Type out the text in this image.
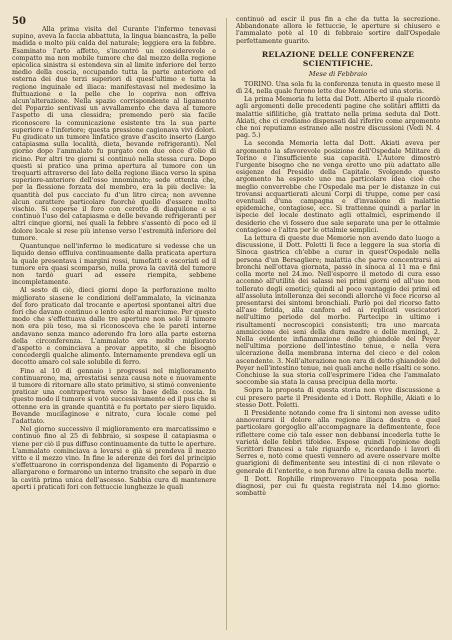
50

Alla prima visita del Curante l'infermo tenevasi supino, aveva la faccia abbattuta, la lingua biancastra, la pelle madida e molto più calda del naturale; leggiera era la febbre. Esaminato l'arto affetto, s'incontrò un considerevole e compatto ma non mobile tumore che dal mezzo della regione epicolica sinistra si estendeva sin al limite inferiore del terzo medio della coscia, occupando tutta la parte anteriore ed esterna dei due terzi superiori di quest'ultimo e tutta la regione inguinale ed iliaca: manifestavasi nel medesimo la fluttuazione e la pelle che lo copriva non offriva alcun'alterazione. Nella spazio corrispondente al ligamento del Poparzio sentivasi un avvallamento che dava al tumore l'aspetto di una clessidra; premendo però sia facile riconoscere la comunicazione esistente tra la sua parte superiore e l'inferiore; questa pressione cagionava vivi dolori. Fu giudicato un tumore linfatico grave d'ascito inserto (Largo catapiasma sulla località, dieta, bevande refrigeranti). Nel giorno dopo l'ammalato fu purgato con due once d'olio di ricino. Per altri tre giorni si continuò nella stessa cura. Dopo questi si pratico una prima apertura al tumore con un trequarti attraverso del lato della regione iliaca verso la spina superiore-anteriore dell'osso innominato; sede ottenta che, per la flessione forzata del membro, era la più declive: la quantità del pus cacciato fu d'un litro circa; non avvenne alcun carattere particolare fuorchè quello d'essere molto vischio. Si coperse il foro con cerotto di diaquilone e si continuò l'uso del catapiasma e delle bevande refrigeranti per altri cinque giorni, nei quali la febbre s'assentò di poco ed il dolore locale si rese più intenso verso l'estremità inferiore del tumore.

Quantunque nell'infermo le medicature si vedesse che un liquido denso effluiva continuamente dalla praticata apertura la quale presentava i margini rossi, tumefatti e escoriati ed il tumore era quasi scomparso, nulla prova la cavità del tumore non tardò guari ad essere riempita, sebbene incompletamente.

Al sesto di ciò, dieci giorni dopo la perforazione molto migliorato siasene le condizioni dell'ammalato, la vicinanza del foro praticato dal trocante e apertosi spontanei altri due fori che davano continuo e lento esito al marciume. Per questo modo che s'effettuava dalle tre aperture non solo il tumore non era più teso, ma si riconosceva che le pareti interne andavano senza manco aderendo fra loro alla parte esterna della circonferenza. L'ammalato era molto migliorato d'aspetto e cominciava a provar appetito, si che bisognò concedergli qualche alimento. Internamente prendeva egli un decotto amaro col sale solubile di ferro.

Fino al 10 di gennaio i progressi nel miglioramento continuarono, ma, arrestatisi senza causa note e nuovamente il tumore di ritornare allo stato primitivo, si stimò conveniente praticar una contrapertura verso la base della coscia. In questo modo il tumore si votò successivamente ed il pus che si ottenne era in grande quantità e fu portato per siero liquido. Bevande mucilaginose e nitrato, cura locale come pel l'adattato.

Nel giorno successivo il miglioramento era marcatissimo e continuò fino al 25 di febbraio, si sospese il catapiasma e viene per ciò il pus diffuso continuamente da tutte le aperture. L'ammalato cominciava a levarsi e già si prendeva il mezzo vitto e il mezzo vino. In fine le aderenze dei fori del principio s'effettuarono in corrispondenza del ligamento di Poparzio e allargarono e formarono un interno transito che separò in due la cavità prima unica dell'ascesso. Sabbia cura di mantenere aperti i praticati fori con fettuccie lunghezze le quali

continuò ad escir il pus fin a che da tutta la secrezione. Abbandonate allora le fettuccie, le aperture si chiusero e l'ammalato potè al 10 di febbraio sortire dall'Ospedale perfettamente guarito.

RELAZIONE DELLE CONFERENZE SCIENTIFICHE.
Mese di Febbraio

TORINO. Una sola fu la conferenza tenuta in questo mese il dì 24, nella quale furono lette due Memorie ed una storia.

La prima Memoria fu letta dal Dott. Alberto il quale ricordò agli argomenti delle precedenti pagine che solitàri afflitti da malattie sifilitiche, già trattato nella prima seduta dal Dott. Akiati, che ci crediamo dispensati dal riferire come argomento che noi reputiamo estraneo alle nostre discussioni (Vedi N. 4 pag. 5.)

La seconda Memoria letta dal Dott. Akiati aveva per argomento la sfavorevole posizione dell'Ospedale Militare di Torino e l'insufficiente sua capacità. L'Autore dimostrò l'urgente bisogno che ne venga eretto uno più adattato alle esigenze del Presidio della Capitale. Svolgendo questo argomento ha esposto uno ma particolare idea cioè che meglio converrebbe che l'Ospedale ma per le distanze in cui trovansi acquartierati alcuni Corpi di truppe, come per casi eventuali d'una campagna e d'invasione di malattie epidemiche, contagiose, ecc. Si trattenne quindi a parlar in ispecie del locale destinato agli ottalmici, esprimendo il desiderio che vi fossero due sale separate una per le ottalmie contagiose e l'altra per le ottalmie semplici.

La lettura di queste due Memorie non avendo dato luogo a discussione, il Dott. Poletti lì fece a leggere la sua storia di Sinoca gastrica ch'ebbe a curar in quest'Ospedale nella persona d'un Bersagliere; malattia che parve concentrarsi ai bronchi nell'ottava giornata, passò in sinoca al 11 ma e finì colla morte nel 24.mo. Nell'esporre il metodo di cura esso accennò all'utilità dei salassi nei primi giorni ed all'uso non tollerato degli emetici; quindi al poco vantaggio dei primi ed all'assoluta intolleranza dei secondi allorchè vi fece ricorso al presentarsi dei sintomi bronchiali. Parlò poi del ricorso fatto all'aso fetida, alla canfora ed ai replicati vescicatori nell'ultimo periodo del morbo. Partecipo in ultimo i risultamenti necroscopici consistenti; tra uno marcata ammiccione dei seni della dura madre e delle meningi, 2. Nella evidente infiammazione delle ghiandole del Peyer nell'ultima porzione dell'intestino tenue, e nella vera ulcerazione della membrana interna del cieco e del colon ascendente. 3. Nell'alterazione non rara di detto ghiandole del Peyer nell'intestino tenue, nei quali anche nelle risalti ce sono. Conchiuse la sua storia coll'esprimere l'idea che l'ammalato soccombe sia stata la causa precipua della morte.

Sopra la proposta di questa storia non vive discussione a cui presero parte il Presidente ed i Dott. Rophille, Akiati e lo stesso Dott. Poletti.

Il Presidente notando come fra li sintomi non avesse udito annoverarsi il dolore alla regione iliaca destra e quel particolare gorgoglio all'accompagnare la defimentente, fece riflettere come ciò tale esser non debbansi incederla tutte le varietà delle febbri tifoidee. Espose quindi l'opinione degli Scrittori francesi a tale riguardo e, ricordando i lavori di Serres e, notò come questi vennero ad avere osservare molte guarigioni di defimentente seu intestini di ci non rilevate o generale di l'enterite, e non furono altre la causa della morte.

Il Dott. Rophille rimproveravo l'inceppata posa nella diagnosi, per cui fu questa registrata nel 14.mo giorno: sombattè
